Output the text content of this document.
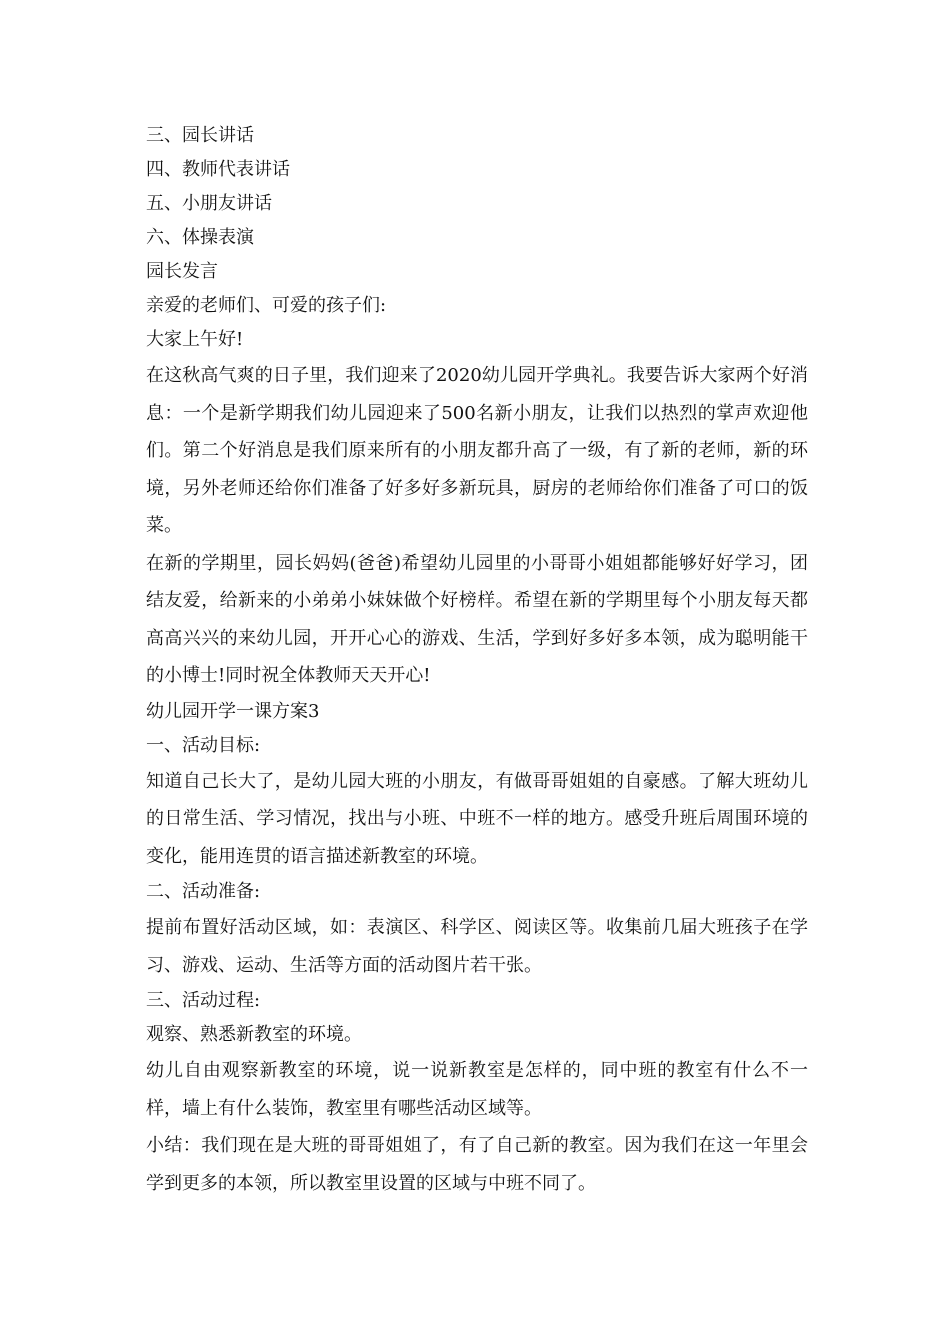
三、园长讲话

四、教师代表讲话

五、小朋友讲话

六、体操表演

园长发言

亲爱的老师们、可爱的孩子们:

大家上午好!

在这秋高气爽的日子里，我们迎来了2020幼儿园开学典礼。我要告诉大家两个好消息：一个是新学期我们幼儿园迎来了500名新小朋友，让我们以热烈的掌声欢迎他们。第二个好消息是我们原来所有的小朋友都升高了一级，有了新的老师，新的环境，另外老师还给你们准备了好多好多新玩具，厨房的老师给你们准备了可口的饭菜。

在新的学期里，园长妈妈(爸爸)希望幼儿园里的小哥哥小姐姐都能够好好学习，团结友爱，给新来的小弟弟小妹妹做个好榜样。希望在新的学期里每个小朋友每天都高高兴兴的来幼儿园，开开心心的游戏、生活，学到好多好多本领，成为聪明能干的小博士!同时祝全体教师天天开心!

幼儿园开学一课方案3

一、活动目标:

知道自己长大了，是幼儿园大班的小朋友，有做哥哥姐姐的自豪感。了解大班幼儿的日常生活、学习情况，找出与小班、中班不一样的地方。感受升班后周围环境的变化，能用连贯的语言描述新教室的环境。

二、活动准备:

提前布置好活动区域，如：表演区、科学区、阅读区等。收集前几届大班孩子在学习、游戏、运动、生活等方面的活动图片若干张。

三、活动过程:

观察、熟悉新教室的环境。

幼儿自由观察新教室的环境，说一说新教室是怎样的，同中班的教室有什么不一样，墙上有什么装饰，教室里有哪些活动区域等。

小结：我们现在是大班的哥哥姐姐了，有了自己新的教室。因为我们在这一年里会学到更多的本领，所以教室里设置的区域与中班不同了。
